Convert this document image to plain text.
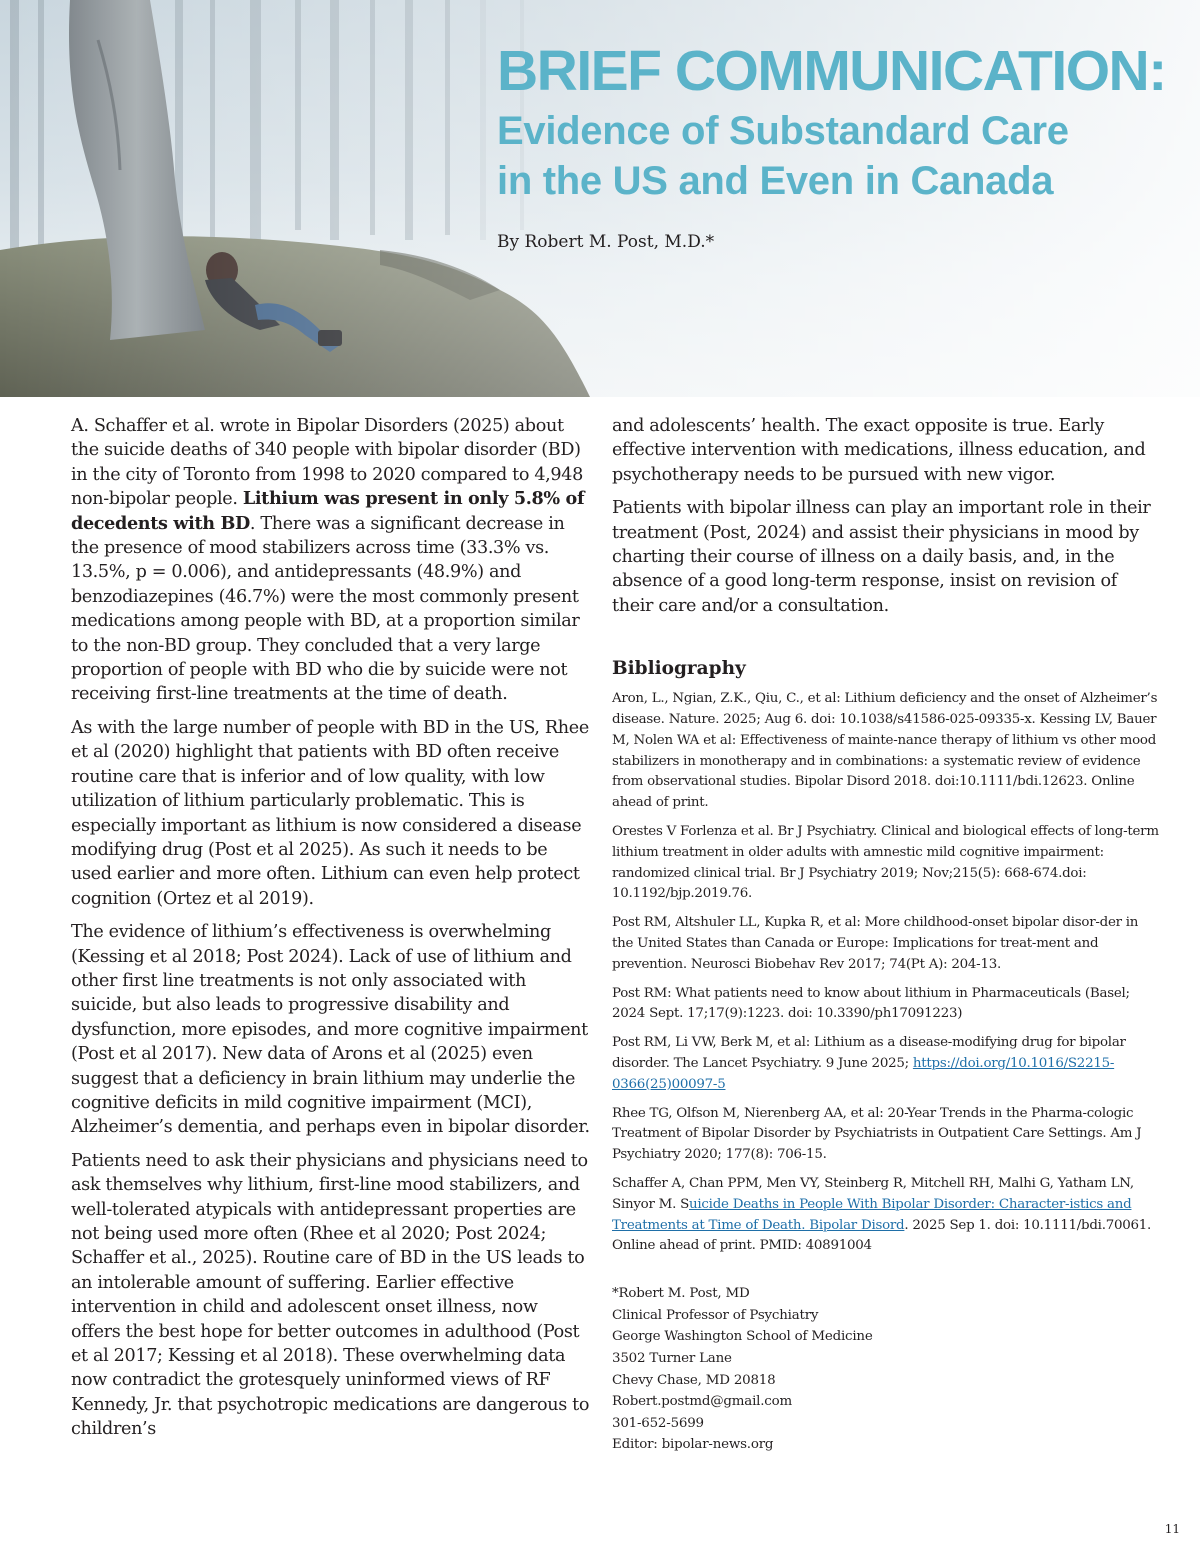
BRIEF COMMUNICATION:
Evidence of Substandard Care
in the US and Even in Canada
By Robert M. Post, M.D.*

A. Schaffer et al. wrote in Bipolar Disorders (2025) about the suicide deaths of 340 people with bipolar disorder (BD) in the city of Toronto from 1998 to 2020 compared to 4,948 non-bipolar people. Lithium was present in only 5.8% of decedents with BD. There was a significant decrease in the presence of mood stabilizers across time (33.3% vs. 13.5%, p = 0.006), and antidepressants (48.9%) and benzodiazepines (46.7%) were the most commonly present medications among people with BD, at a proportion similar to the non-BD group. They concluded that a very large proportion of people with BD who die by suicide were not receiving first-line treatments at the time of death.

As with the large number of people with BD in the US, Rhee et al (2020) highlight that patients with BD often receive routine care that is inferior and of low quality, with low utilization of lithium particularly problematic. This is especially important as lithium is now considered a disease modifying drug (Post et al 2025). As such it needs to be used earlier and more often. Lithium can even help protect cognition (Ortez et al 2019).

The evidence of lithium’s effectiveness is overwhelming (Kessing et al 2018; Post 2024). Lack of use of lithium and other first line treatments is not only associated with suicide, but also leads to progressive disability and dysfunction, more episodes, and more cognitive impairment (Post et al 2017). New data of Arons et al (2025) even suggest that a deficiency in brain lithium may underlie the cognitive deficits in mild cognitive impairment (MCI), Alzheimer’s dementia, and perhaps even in bipolar disorder.

Patients need to ask their physicians and physicians need to ask themselves why lithium, first-line mood stabilizers, and well-tolerated atypicals with antidepressant properties are not being used more often (Rhee et al 2020; Post 2024; Schaffer et al., 2025). Routine care of BD in the US leads to an intolerable amount of suffering. Earlier effective intervention in child and adolescent onset illness, now offers the best hope for better outcomes in adulthood (Post et al 2017; Kessing et al 2018). These overwhelming data now contradict the grotesquely uninformed views of RF Kennedy, Jr. that psychotropic medications are dangerous to children’s

and adolescents’ health. The exact opposite is true. Early effective intervention with medications, illness education, and psychotherapy needs to be pursued with new vigor.

Patients with bipolar illness can play an important role in their treatment (Post, 2024) and assist their physicians in mood by charting their course of illness on a daily basis, and, in the absence of a good long-term response, insist on revision of their care and/or a consultation.

Bibliography

Aron, L., Ngian, Z.K., Qiu, C., et al: Lithium deficiency and the onset of Alzheimer’s disease. Nature. 2025; Aug 6. doi: 10.1038/s41586-025-09335-x. Kessing LV, Bauer M, Nolen WA et al: Effectiveness of mainte-nance therapy of lithium vs other mood stabilizers in monotherapy and in combinations: a systematic review of evidence from observational studies. Bipolar Disord 2018. doi:10.1111/bdi.12623. Online ahead of print.

Orestes V Forlenza et al. Br J Psychiatry. Clinical and biological effects of long-term lithium treatment in older adults with amnestic mild cognitive impairment: randomized clinical trial. Br J Psychiatry 2019; Nov;215(5): 668-674.doi: 10.1192/bjp.2019.76.

Post RM, Altshuler LL, Kupka R, et al: More childhood-onset bipolar disor-der in the United States than Canada or Europe: Implications for treat-ment and prevention. Neurosci Biobehav Rev 2017; 74(Pt A): 204-13.

Post RM: What patients need to know about lithium in Pharmaceuticals (Basel; 2024 Sept. 17;17(9):1223. doi: 10.3390/ph17091223)

Post RM, Li VW, Berk M, et al: Lithium as a disease-modifying drug for bipolar disorder. The Lancet Psychiatry. 9 June 2025; https://doi.org/10.1016/S2215-0366(25)00097-5

Rhee TG, Olfson M, Nierenberg AA, et al: 20-Year Trends in the Pharma-cologic Treatment of Bipolar Disorder by Psychiatrists in Outpatient Care Settings. Am J Psychiatry 2020; 177(8): 706-15.

Schaffer A, Chan PPM, Men VY, Steinberg R, Mitchell RH, Malhi G, Yatham LN, Sinyor M. Suicide Deaths in People With Bipolar Disorder: Character-istics and Treatments at Time of Death. Bipolar Disord. 2025 Sep 1. doi: 10.1111/bdi.70061. Online ahead of print. PMID: 40891004

*Robert M. Post, MD
Clinical Professor of Psychiatry
George Washington School of Medicine
3502 Turner Lane
Chevy Chase, MD 20818
Robert.postmd@gmail.com
301-652-5699
Editor: bipolar-news.org
11
